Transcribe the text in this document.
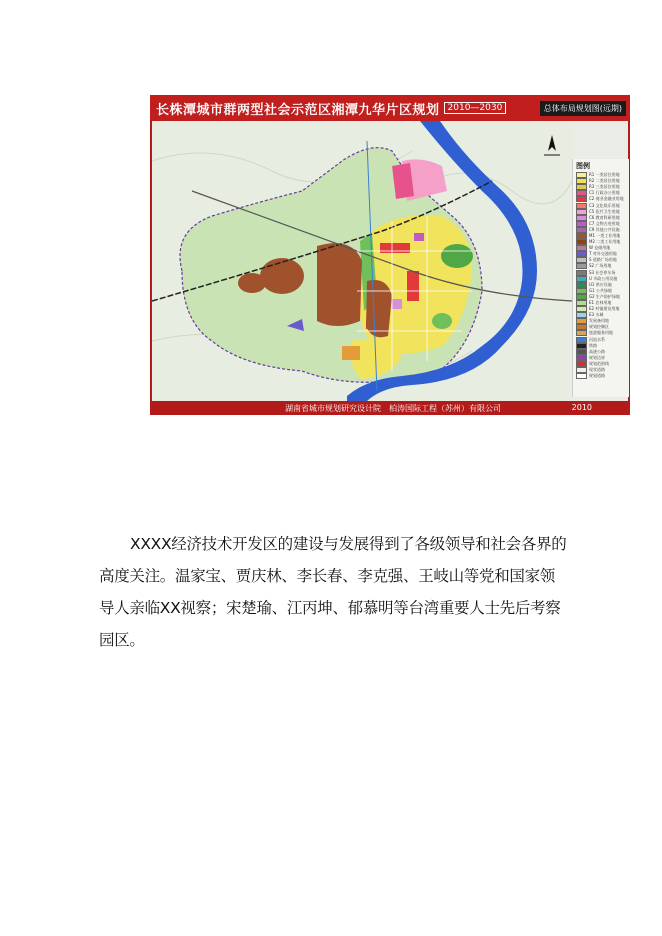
长株潭城市群两型社会示范区湘潭九华片区规划 2010—2030	总体布局规划图(远期)
图例
R1 一类居住用地
R2 二类居住用地
R3 三类居住用地
C1 行政办公用地
C2 商业金融业用地
C3 文化娱乐用地
C5 医疗卫生用地
C6 教育科研用地
C7 文物古迹用地
C9 其他公共设施
M1 一类工业用地
M2 二类工业用地
W 仓储用地
T 对外交通用地
S 道路广场用地
S2 广场用地
S3 社会停车场
U 市政公用设施
U1 供应设施
G1 公共绿地
G2 生产防护绿地
E1 农林用地
E2 村镇建设用地
E3 水域
发展备用地
规划控制区
旅游服务用地
河流水系
铁路
高速公路
规划边界
规划范围线
现状道路
规划道路
湖南省城市规划研究设计院　柏涛国际工程（苏州）有限公司	2010

XXXX经济技术开发区的建设与发展得到了各级领导和社会各界的高度关注。温家宝、贾庆林、李长春、李克强、王岐山等党和国家领导人亲临XX视察；宋楚瑜、江丙坤、郁慕明等台湾重要人士先后考察园区。
